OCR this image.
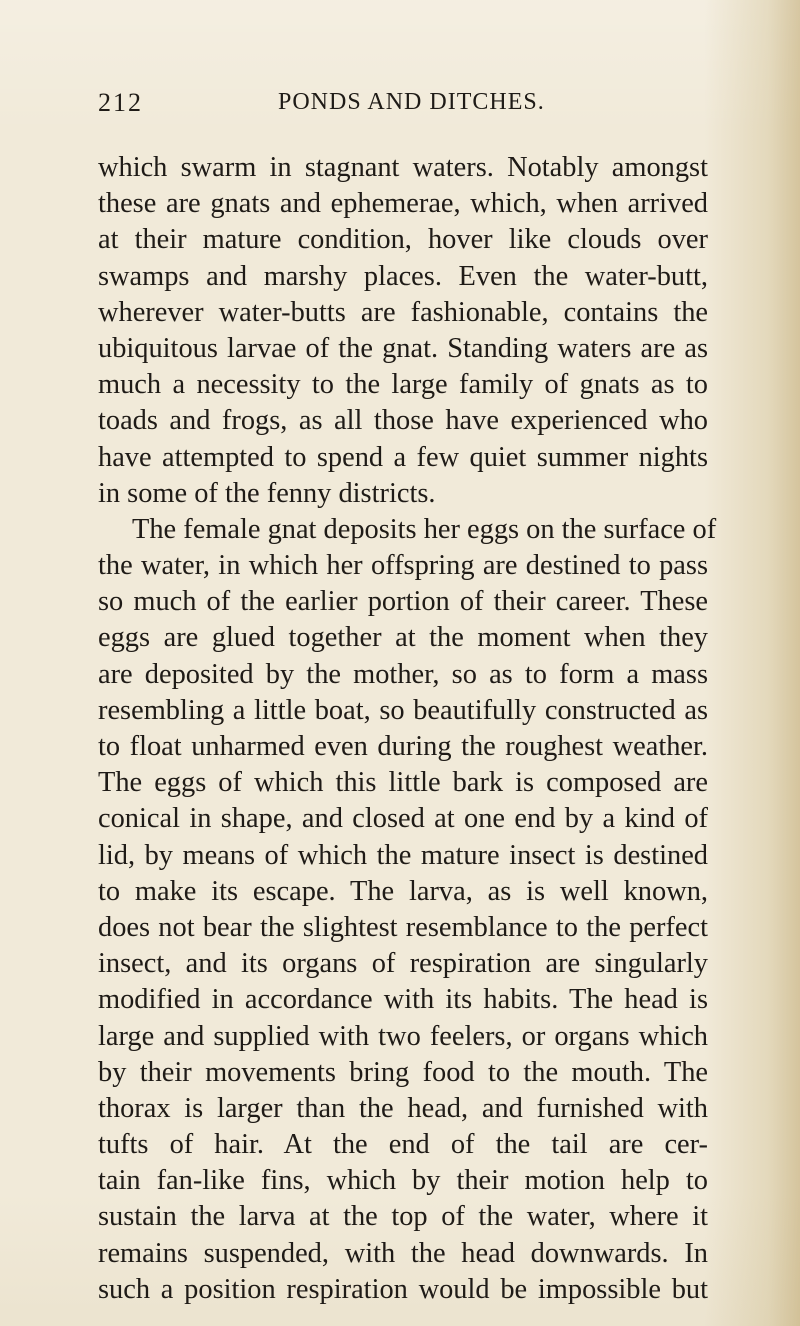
212	PONDS AND DITCHES.
which swarm in stagnant waters. Notably amongst
these are gnats and ephemerae, which, when arrived
at their mature condition, hover like clouds over
swamps and marshy places. Even the water-butt,
wherever water-butts are fashionable, contains the
ubiquitous larvae of the gnat. Standing waters are as
much a necessity to the large family of gnats as to
toads and frogs, as all those have experienced who
have attempted to spend a few quiet summer nights
in some of the fenny districts.
The female gnat deposits her eggs on the surface of
the water, in which her offspring are destined to pass
so much of the earlier portion of their career. These
eggs are glued together at the moment when they
are deposited by the mother, so as to form a mass
resembling a little boat, so beautifully constructed as
to float unharmed even during the roughest weather.
The eggs of which this little bark is composed are
conical in shape, and closed at one end by a kind of
lid, by means of which the mature insect is destined
to make its escape. The larva, as is well known,
does not bear the slightest resemblance to the perfect
insect, and its organs of respiration are singularly
modified in accordance with its habits. The head is
large and supplied with two feelers, or organs which
by their movements bring food to the mouth. The
thorax is larger than the head, and furnished with
tufts of hair. At the end of the tail are cer-
tain fan-like fins, which by their motion help to
sustain the larva at the top of the water, where it
remains suspended, with the head downwards. In
such a position respiration would be impossible but
